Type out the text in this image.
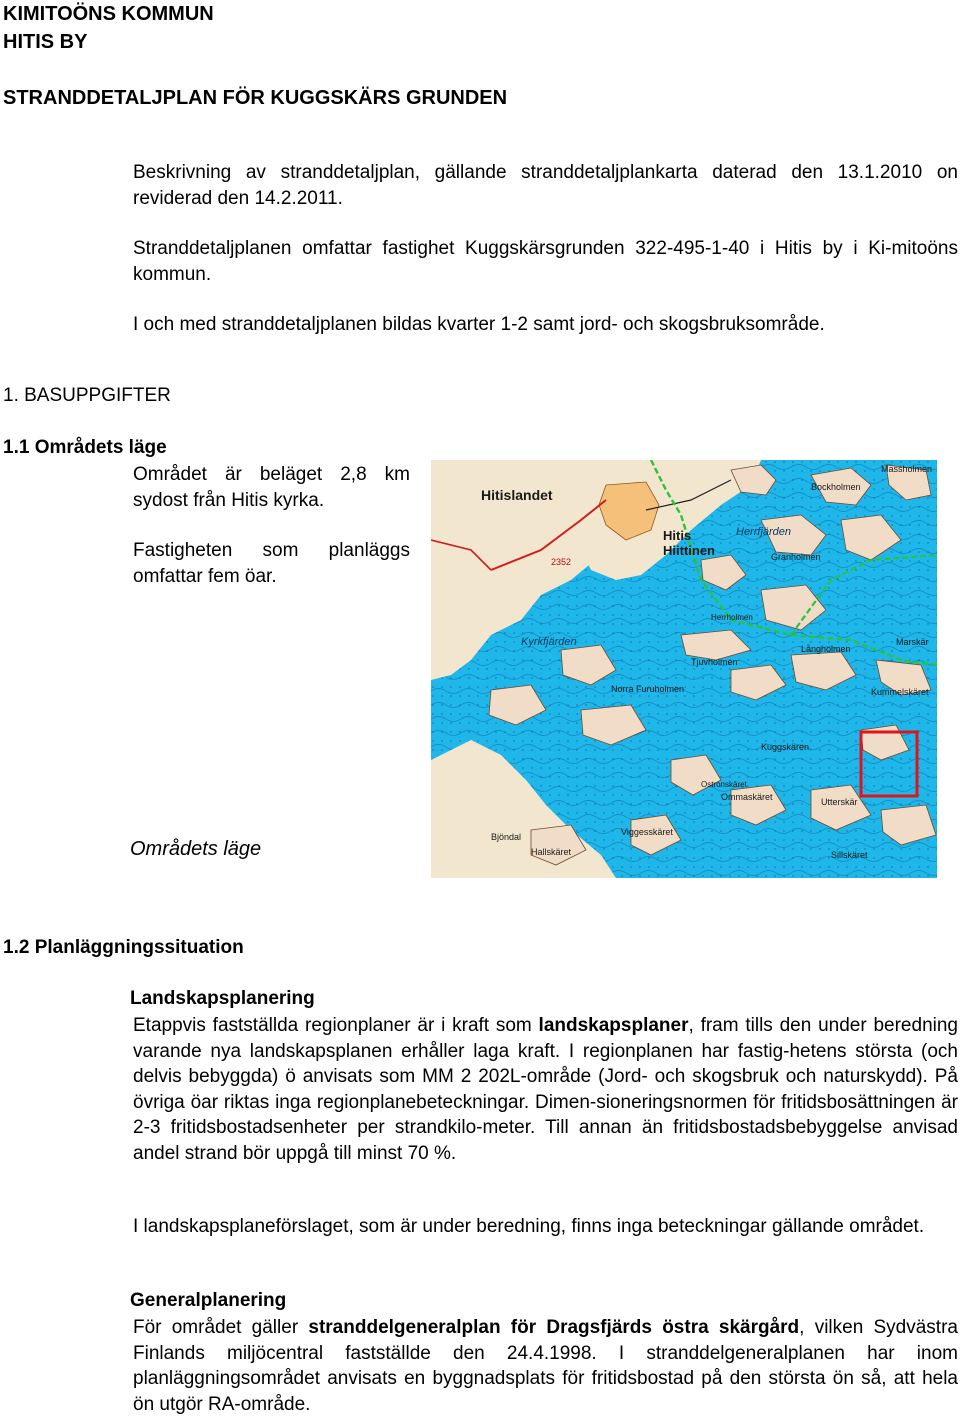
KIMITOÖNS KOMMUN
HITIS BY
STRANDDETALJPLAN FÖR KUGGSKÄRS GRUNDEN
Beskrivning av stranddetaljplan, gällande stranddetaljplankarta daterad den 13.1.2010 on reviderad den 14.2.2011.
Stranddetaljplanen omfattar fastighet Kuggskärsgrunden 322-495-1-40 i Hitis by i Ki-mitoöns kommun.
I och med stranddetaljplanen bildas kvarter 1-2 samt jord- och skogsbruksområde.
1. BASUPPGIFTER
1.1 Områdets läge
Området är beläget 2,8 km sydost från Hitis kyrka.
Fastigheten som planläggs omfattar fem öar.
Områdets läge
Hitislandet
Hitis
Hiittinen
Kyrkfjärden
Herrfjärden
Bockholmen
Massholmen
Granholmen
Herrholmen
Norra Furuholmen
Tjuvholmen
Långholmen
Kummelskäret
Marskär
Kuggskären
Ommaskäret
Ostronskäret
Viggesskäret
Hallskäret
Bjöndal
Utterskär
Sillskäret
2352
1.2 Planläggningssituation
Landskapsplanering
Etappvis fastställda regionplaner är i kraft som landskapsplaner, fram tills den under beredning varande nya landskapsplanen erhåller laga kraft. I regionplanen har fastig-hetens största (och delvis bebyggda) ö anvisats som MM 2 202L-område (Jord- och skogsbruk och naturskydd). På övriga öar riktas inga regionplanebeteckningar. Dimen-sioneringsnormen för fritidsbosättningen är 2-3 fritidsbostadsenheter per strandkilo-meter. Till annan än fritidsbostadsbebyggelse anvisad andel strand bör uppgå till minst 70 %.
I landskapsplaneförslaget, som är under beredning, finns inga beteckningar gällande området.
Generalplanering
För området gäller stranddelgeneralplan för Dragsfjärds östra skärgård, vilken Sydvästra Finlands miljöcentral fastställde den 24.4.1998. I stranddelgeneralplanen har inom planläggningsområdet anvisats en byggnadsplats för fritidsbostad på den största ön så, att hela ön utgör RA-område.
